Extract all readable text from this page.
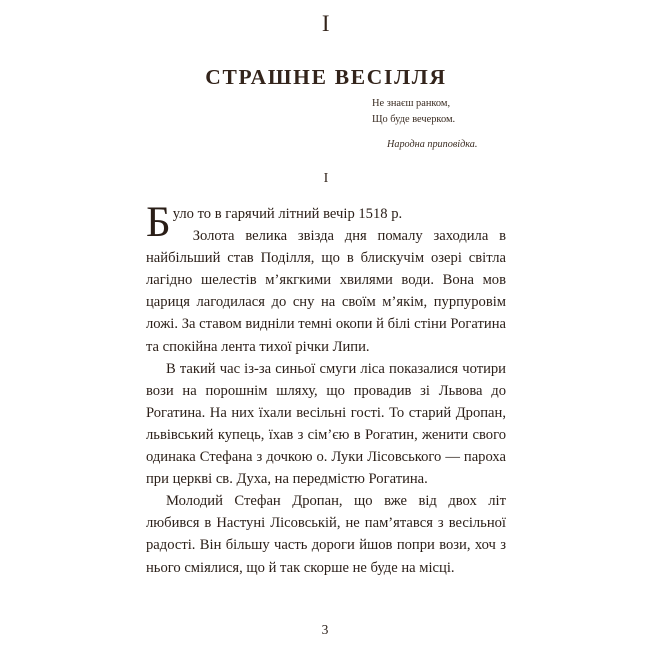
I
СТРАШНЕ ВЕСІЛЛЯ
Не знаєш ранком,
Що буде вечерком.
Народна приповідка.
I

Було то в гарячий літний вечір 1518 р.
Золота велика звізда дня помалу заходила в найбільший став Поділля, що в блискучім озері світла лагідно шелестів м’якгкими хвилями води. Вона мов цариця лагодилася до сну на своїм м’якім, пурпуровім ложі. За ставом видніли темні окопи й білі стіни Рогатина та спокійна лента тихої річки Липи.

В такий час із-за синьої смуги ліса показалися чотири вози на порошнім шляху, що провадив зі Львова до Рогатина. На них їхали весільні гості. То старий Дропан, львівський купець, їхав з сім’єю в Рогатин, женити свого одинака Стефана з дочкою о. Луки Лісовського — пароха при церкві св. Духа, на передмістю Рогатина.

Молодий Стефан Дропан, що вже від двох літ любився в Настуні Лісовській, не пам’ятався з весільної радості. Він більшу часть дороги йшов попри вози, хоч з нього сміялися, що й так скорше не буде на місці.

3
